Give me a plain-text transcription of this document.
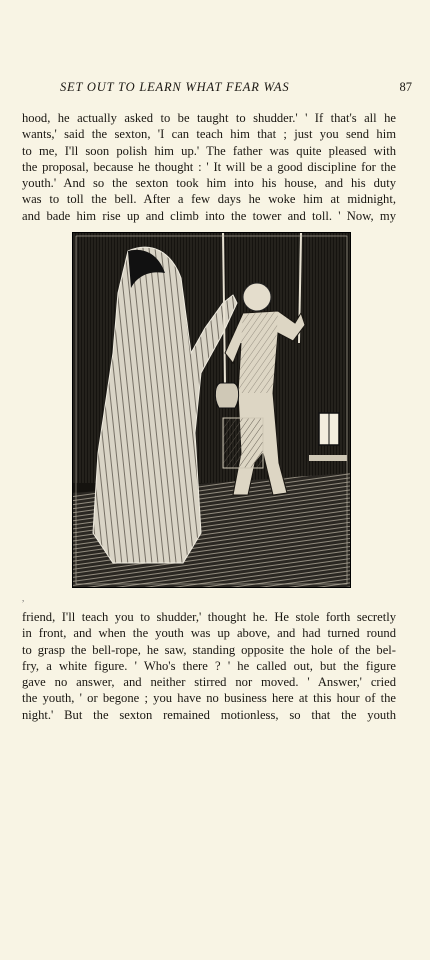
SET OUT TO LEARN WHAT FEAR WAS	87
hood, he actually asked to be taught to shudder.' ' If that's all he
wants,' said the sexton, 'I can teach him that ; just you send him
to me, I'll soon polish him up.' The father was quite pleased with
the proposal, because he thought : ' It will be a good discipline for the
youth.' And so the sexton took him into his house, and his duty
was to toll the bell. After a few days he woke him at midnight,
and bade him rise up and climb into the tower and toll. ' Now, my
,
friend, I'll teach you to shudder,' thought he. He stole forth secretly
in front, and when the youth was up above, and had turned round
to grasp the bell-rope, he saw, standing opposite the hole of the bel-
fry, a white figure. ' Who's there ? ' he called out, but the figure
gave no answer, and neither stirred nor moved. ' Answer,' cried
the youth, ' or begone ; you have no business here at this hour of the
night.' But the sexton remained motionless, so that the youth
